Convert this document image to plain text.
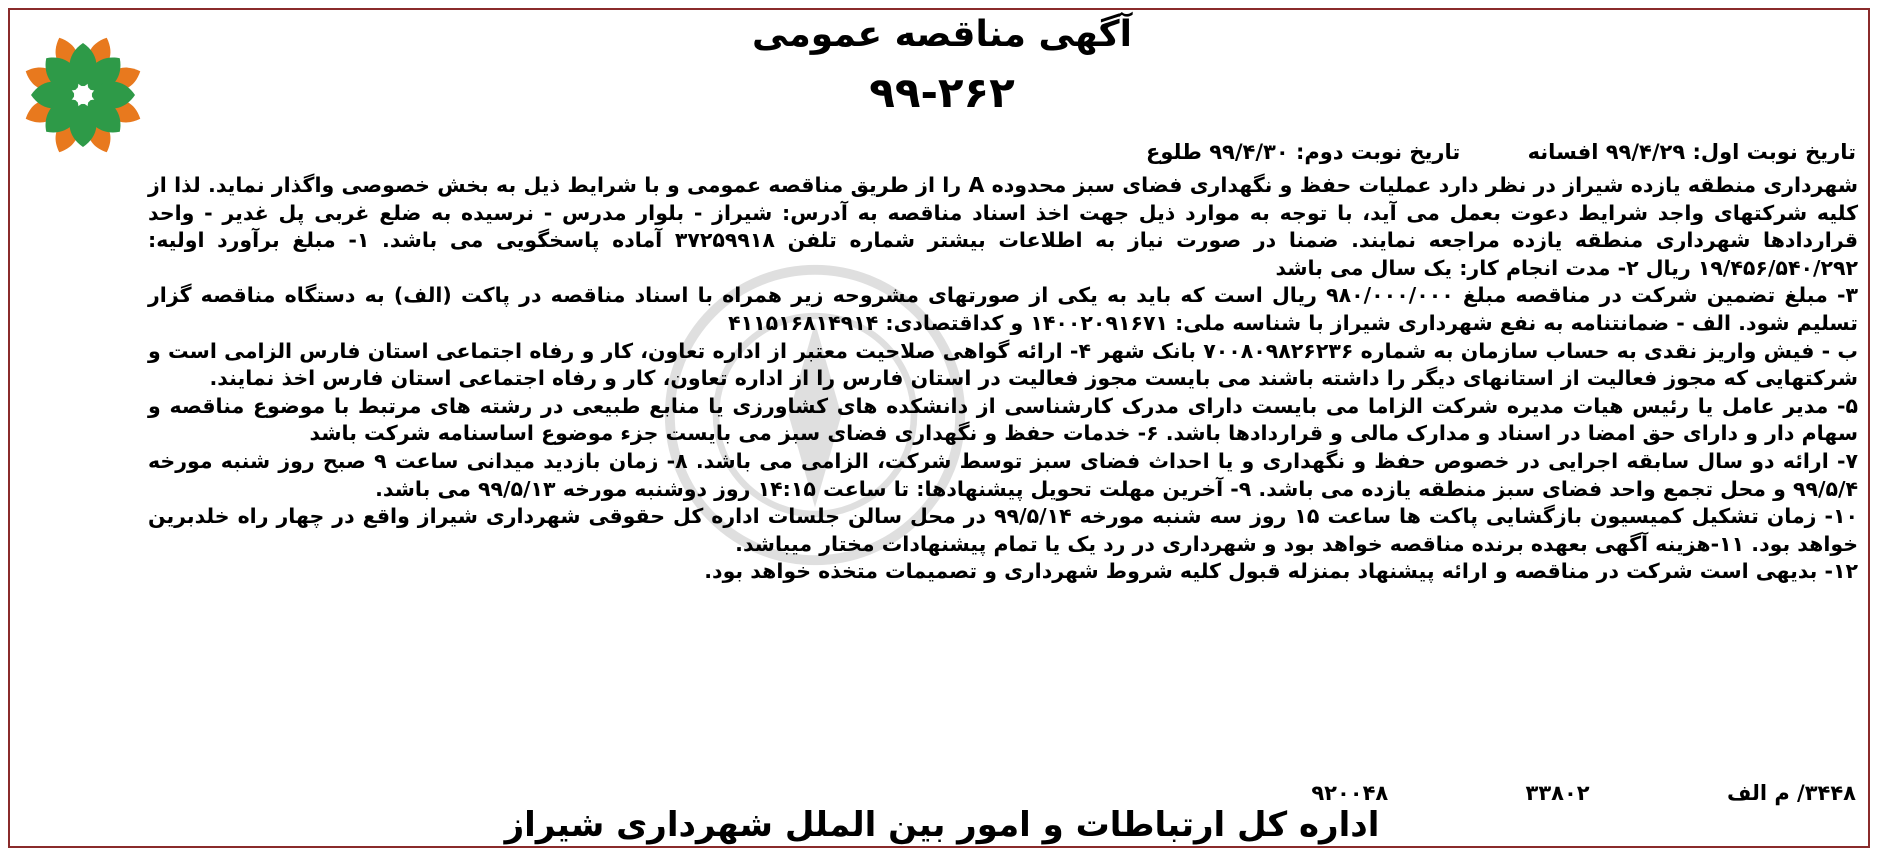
آگهی مناقصه عمومی
۹۹-۲۶۲
تاریخ نوبت اول: ۹۹/۴/۲۹ افسانه تاریخ نوبت دوم: ۹۹/۴/۳۰ طلوع

شهرداری منطقه یازده شیراز در نظر دارد عملیات حفظ و نگهداری فضای سبز محدوده A را از طریق مناقصه عمومی و با شرایط ذیل به بخش خصوصی واگذار نماید. لذا از کلیه شرکتهای واجد شرایط دعوت بعمل می آید، با توجه به موارد ذیل جهت اخذ اسناد مناقصه به آدرس: شیراز - بلوار مدرس - نرسیده به ضلع غربی پل غدیر - واحد قراردادها شهرداری منطقه یازده مراجعه نمایند. ضمنا در صورت نیاز به اطلاعات بیشتر شماره تلفن ۳۷۲۵۹۹۱۸ آماده پاسخگویی می باشد. ۱- مبلغ برآورد اولیه: ۱۹/۴۵۶/۵۴۰/۲۹۲ ریال ۲- مدت انجام کار: یک سال می باشد

۳- مبلغ تضمین شرکت در مناقصه مبلغ ۹۸۰/۰۰۰/۰۰۰ ریال است که باید به یکی از صورتهای مشروحه زیر همراه با اسناد مناقصه در پاکت (الف) به دستگاه مناقصه گزار تسلیم شود. الف - ضمانتنامه به نفع شهرداری شیراز با شناسه ملی: ۱۴۰۰۲۰۹۱۶۷۱ و کداقتصادی: ۴۱۱۵۱۶۸۱۴۹۱۴

ب - فیش واریز نقدی به حساب سازمان به شماره ۷۰۰۸۰۹۸۲۶۲۳۶ بانک شهر ۴- ارائه گواهی صلاحیت معتبر از اداره تعاون، کار و رفاه اجتماعی استان فارس الزامی است و شرکتهایی که مجوز فعالیت از استانهای دیگر را داشته باشند می بایست مجوز فعالیت در استان فارس را از اداره تعاون، کار و رفاه اجتماعی استان فارس اخذ نمایند.

۵- مدیر عامل یا رئیس هیات مدیره شرکت الزاما می بایست دارای مدرک کارشناسی از دانشکده های کشاورزی یا منابع طبیعی در رشته های مرتبط با موضوع مناقصه و سهام دار و دارای حق امضا در اسناد و مدارک مالی و قراردادها باشد. ۶- خدمات حفظ و نگهداری فضای سبز می بایست جزء موضوع اساسنامه شرکت باشد

۷- ارائه دو سال سابقه اجرایی در خصوص حفظ و نگهداری و یا احداث فضای سبز توسط شرکت، الزامی می باشد. ۸- زمان بازدید میدانی ساعت ۹ صبح روز شنبه مورخه ۹۹/۵/۴ و محل تجمع واحد فضای سبز منطقه یازده می باشد. ۹- آخرین مهلت تحویل پیشنهادها: تا ساعت ۱۴:۱۵ روز دوشنبه مورخه ۹۹/۵/۱۳ می باشد.

۱۰- زمان تشکیل کمیسیون بازگشایی پاکت ها ساعت ۱۵ روز سه شنبه مورخه ۹۹/۵/۱۴ در محل سالن جلسات اداره کل حقوقی شهرداری شیراز واقع در چهار راه خلدبرین خواهد بود. ۱۱-هزینه آگهی بعهده برنده مناقصه خواهد بود و شهرداری در رد یک یا تمام پیشنهادات مختار میباشد.

۱۲- بدیهی است شرکت در مناقصه و ارائه پیشنهاد بمنزله قبول کلیه شروط شهرداری و تصمیمات متخذه خواهد بود.

۳۴۴۸/ م الف ۳۳۸۰۲ ۹۲۰۰۴۸
اداره کل ارتباطات و امور بین الملل شهرداری شیراز
